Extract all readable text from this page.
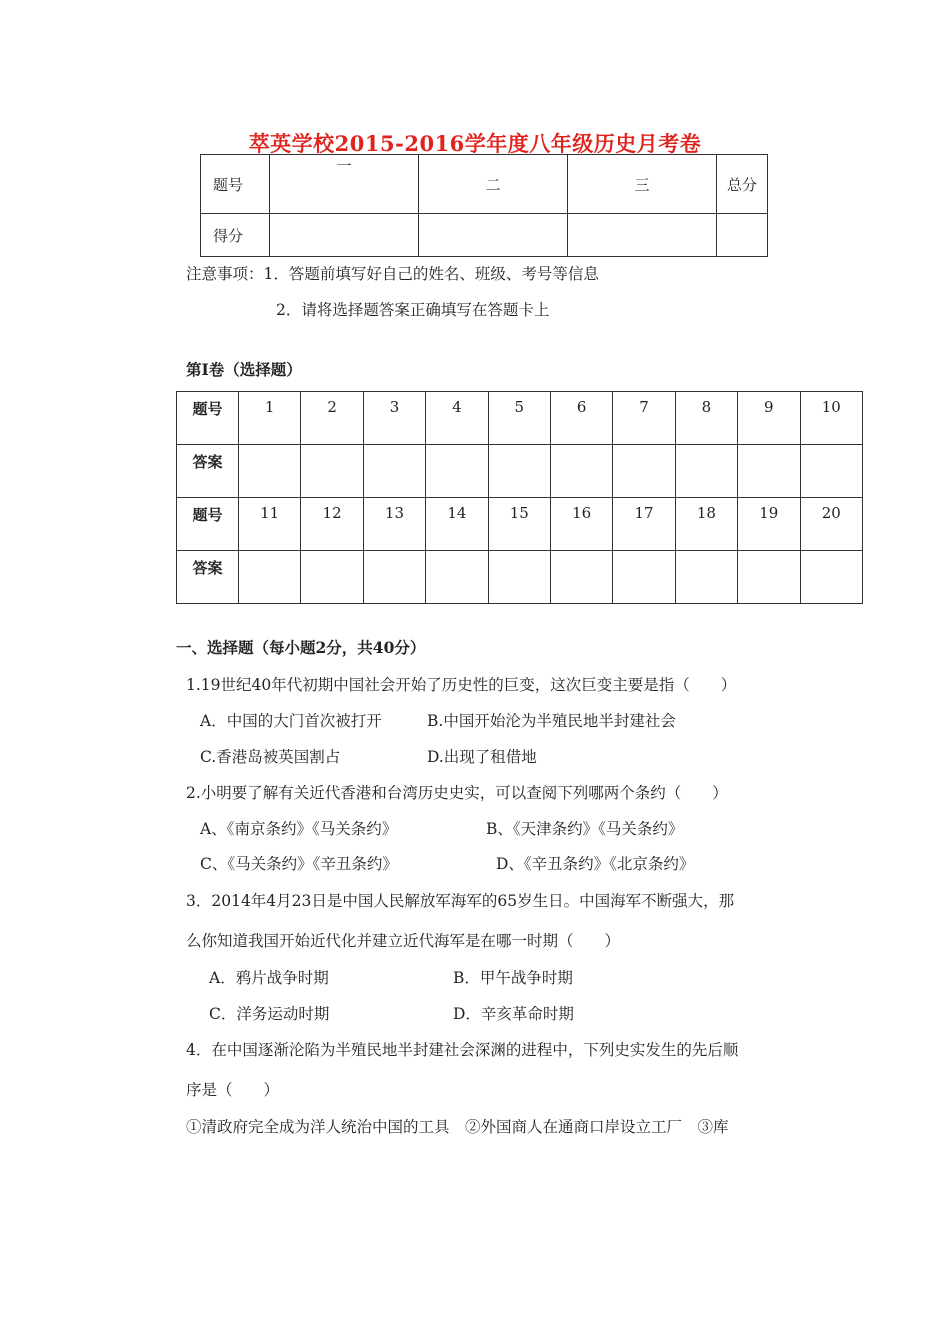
萃英学校2015-2016学年度八年级历史月考卷
题号	一	二	三	总分
得分				
注意事项：1．答题前填写好自己的姓名、班级、考号等信息
2．请将选择题答案正确填写在答题卡上
第I卷（选择题）
题号	1	2	3	4	5	6	7	8	9	10
答案										
题号	11	12	13	14	15	16	17	18	19	20
答案										
一、选择题（每小题2分，共40分）
1.19世纪40年代初期中国社会开始了历史性的巨变，这次巨变主要是指（　　）
A．中国的大门首次被打开	B.中国开始沦为半殖民地半封建社会
C.香港岛被英国割占	D.出现了租借地
2.小明要了解有关近代香港和台湾历史史实，可以查阅下列哪两个条约（　　）
A、《南京条约》《马关条约》	B、《天津条约》《马关条约》
C、《马关条约》《辛丑条约》	D、《辛丑条约》《北京条约》
3．2014年4月23日是中国人民解放军海军的65岁生日。中国海军不断强大，那
么你知道我国开始近代化并建立近代海军是在哪一时期（　　）
A．鸦片战争时期	B．甲午战争时期
C．洋务运动时期	D．辛亥革命时期
4．在中国逐渐沦陷为半殖民地半封建社会深渊的进程中，下列史实发生的先后顺
序是（　　）
①清政府完全成为洋人统治中国的工具　②外国商人在通商口岸设立工厂　③库
